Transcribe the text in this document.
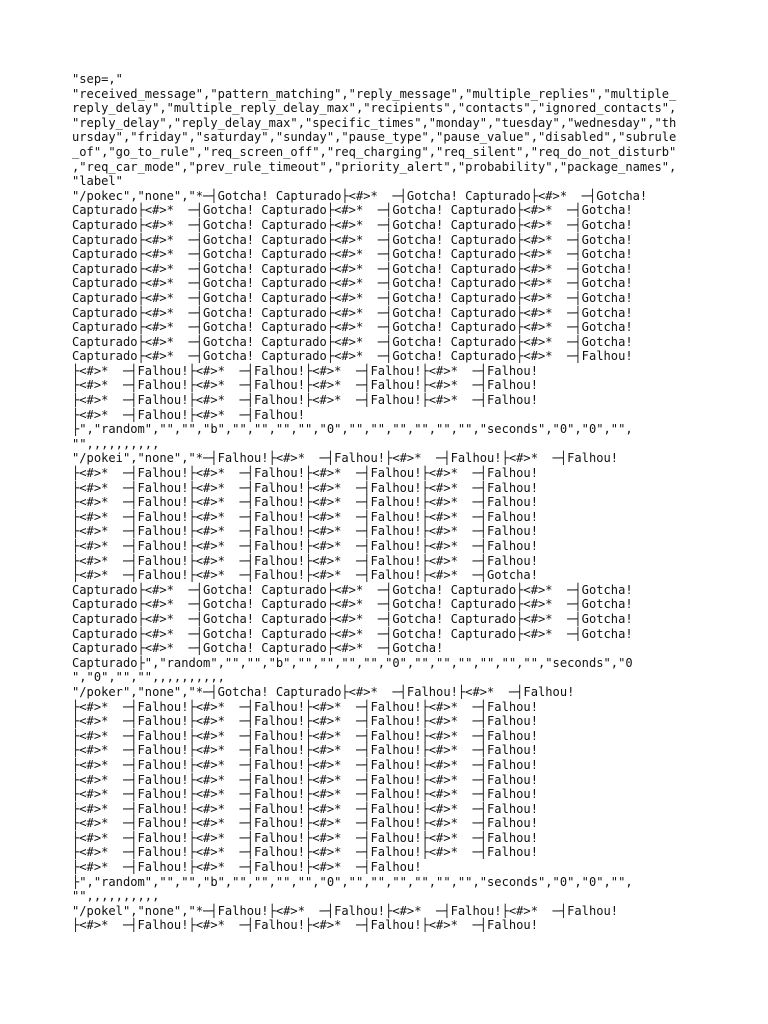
"sep=,"
"received_message","pattern_matching","reply_message","multiple_replies","multiple_
reply_delay","multiple_reply_delay_max","recipients","contacts","ignored_contacts",
"reply_delay","reply_delay_max","specific_times","monday","tuesday","wednesday","th
ursday","friday","saturday","sunday","pause_type","pause_value","disabled","subrule
_of","go_to_rule","req_screen_off","req_charging","req_silent","req_do_not_disturb"
,"req_car_mode","prev_rule_timeout","priority_alert","probability","package_names",
"label"
"/pokec","none","*─┤Gotcha! Capturado├<#>*  ─┤Gotcha! Capturado├<#>*  ─┤Gotcha!
Capturado├<#>*  ─┤Gotcha! Capturado├<#>*  ─┤Gotcha! Capturado├<#>*  ─┤Gotcha!
Capturado├<#>*  ─┤Gotcha! Capturado├<#>*  ─┤Gotcha! Capturado├<#>*  ─┤Gotcha!
Capturado├<#>*  ─┤Gotcha! Capturado├<#>*  ─┤Gotcha! Capturado├<#>*  ─┤Gotcha!
Capturado├<#>*  ─┤Gotcha! Capturado├<#>*  ─┤Gotcha! Capturado├<#>*  ─┤Gotcha!
Capturado├<#>*  ─┤Gotcha! Capturado├<#>*  ─┤Gotcha! Capturado├<#>*  ─┤Gotcha!
Capturado├<#>*  ─┤Gotcha! Capturado├<#>*  ─┤Gotcha! Capturado├<#>*  ─┤Gotcha!
Capturado├<#>*  ─┤Gotcha! Capturado├<#>*  ─┤Gotcha! Capturado├<#>*  ─┤Gotcha!
Capturado├<#>*  ─┤Gotcha! Capturado├<#>*  ─┤Gotcha! Capturado├<#>*  ─┤Gotcha!
Capturado├<#>*  ─┤Gotcha! Capturado├<#>*  ─┤Gotcha! Capturado├<#>*  ─┤Gotcha!
Capturado├<#>*  ─┤Gotcha! Capturado├<#>*  ─┤Gotcha! Capturado├<#>*  ─┤Gotcha!
Capturado├<#>*  ─┤Gotcha! Capturado├<#>*  ─┤Gotcha! Capturado├<#>*  ─┤Falhou!
├<#>*  ─┤Falhou!├<#>*  ─┤Falhou!├<#>*  ─┤Falhou!├<#>*  ─┤Falhou!
├<#>*  ─┤Falhou!├<#>*  ─┤Falhou!├<#>*  ─┤Falhou!├<#>*  ─┤Falhou!
├<#>*  ─┤Falhou!├<#>*  ─┤Falhou!├<#>*  ─┤Falhou!├<#>*  ─┤Falhou!
├<#>*  ─┤Falhou!├<#>*  ─┤Falhou!
├","random","","","b","","","","","0","","","","","","","seconds","0","0","",
"",,,,,,,,,,
"/pokei","none","*─┤Falhou!├<#>*  ─┤Falhou!├<#>*  ─┤Falhou!├<#>*  ─┤Falhou!
├<#>*  ─┤Falhou!├<#>*  ─┤Falhou!├<#>*  ─┤Falhou!├<#>*  ─┤Falhou!
├<#>*  ─┤Falhou!├<#>*  ─┤Falhou!├<#>*  ─┤Falhou!├<#>*  ─┤Falhou!
├<#>*  ─┤Falhou!├<#>*  ─┤Falhou!├<#>*  ─┤Falhou!├<#>*  ─┤Falhou!
├<#>*  ─┤Falhou!├<#>*  ─┤Falhou!├<#>*  ─┤Falhou!├<#>*  ─┤Falhou!
├<#>*  ─┤Falhou!├<#>*  ─┤Falhou!├<#>*  ─┤Falhou!├<#>*  ─┤Falhou!
├<#>*  ─┤Falhou!├<#>*  ─┤Falhou!├<#>*  ─┤Falhou!├<#>*  ─┤Falhou!
├<#>*  ─┤Falhou!├<#>*  ─┤Falhou!├<#>*  ─┤Falhou!├<#>*  ─┤Falhou!
├<#>*  ─┤Falhou!├<#>*  ─┤Falhou!├<#>*  ─┤Falhou!├<#>*  ─┤Gotcha!
Capturado├<#>*  ─┤Gotcha! Capturado├<#>*  ─┤Gotcha! Capturado├<#>*  ─┤Gotcha!
Capturado├<#>*  ─┤Gotcha! Capturado├<#>*  ─┤Gotcha! Capturado├<#>*  ─┤Gotcha!
Capturado├<#>*  ─┤Gotcha! Capturado├<#>*  ─┤Gotcha! Capturado├<#>*  ─┤Gotcha!
Capturado├<#>*  ─┤Gotcha! Capturado├<#>*  ─┤Gotcha! Capturado├<#>*  ─┤Gotcha!
Capturado├<#>*  ─┤Gotcha! Capturado├<#>*  ─┤Gotcha!
Capturado├","random","","","b","","","","","0","","","","","","","seconds","0
","0","","",,,,,,,,,,
"/poker","none","*─┤Gotcha! Capturado├<#>*  ─┤Falhou!├<#>*  ─┤Falhou!
├<#>*  ─┤Falhou!├<#>*  ─┤Falhou!├<#>*  ─┤Falhou!├<#>*  ─┤Falhou!
├<#>*  ─┤Falhou!├<#>*  ─┤Falhou!├<#>*  ─┤Falhou!├<#>*  ─┤Falhou!
├<#>*  ─┤Falhou!├<#>*  ─┤Falhou!├<#>*  ─┤Falhou!├<#>*  ─┤Falhou!
├<#>*  ─┤Falhou!├<#>*  ─┤Falhou!├<#>*  ─┤Falhou!├<#>*  ─┤Falhou!
├<#>*  ─┤Falhou!├<#>*  ─┤Falhou!├<#>*  ─┤Falhou!├<#>*  ─┤Falhou!
├<#>*  ─┤Falhou!├<#>*  ─┤Falhou!├<#>*  ─┤Falhou!├<#>*  ─┤Falhou!
├<#>*  ─┤Falhou!├<#>*  ─┤Falhou!├<#>*  ─┤Falhou!├<#>*  ─┤Falhou!
├<#>*  ─┤Falhou!├<#>*  ─┤Falhou!├<#>*  ─┤Falhou!├<#>*  ─┤Falhou!
├<#>*  ─┤Falhou!├<#>*  ─┤Falhou!├<#>*  ─┤Falhou!├<#>*  ─┤Falhou!
├<#>*  ─┤Falhou!├<#>*  ─┤Falhou!├<#>*  ─┤Falhou!├<#>*  ─┤Falhou!
├<#>*  ─┤Falhou!├<#>*  ─┤Falhou!├<#>*  ─┤Falhou!├<#>*  ─┤Falhou!
├<#>*  ─┤Falhou!├<#>*  ─┤Falhou!├<#>*  ─┤Falhou!
├","random","","","b","","","","","0","","","","","","","seconds","0","0","",
"",,,,,,,,,,
"/pokel","none","*─┤Falhou!├<#>*  ─┤Falhou!├<#>*  ─┤Falhou!├<#>*  ─┤Falhou!
├<#>*  ─┤Falhou!├<#>*  ─┤Falhou!├<#>*  ─┤Falhou!├<#>*  ─┤Falhou!
